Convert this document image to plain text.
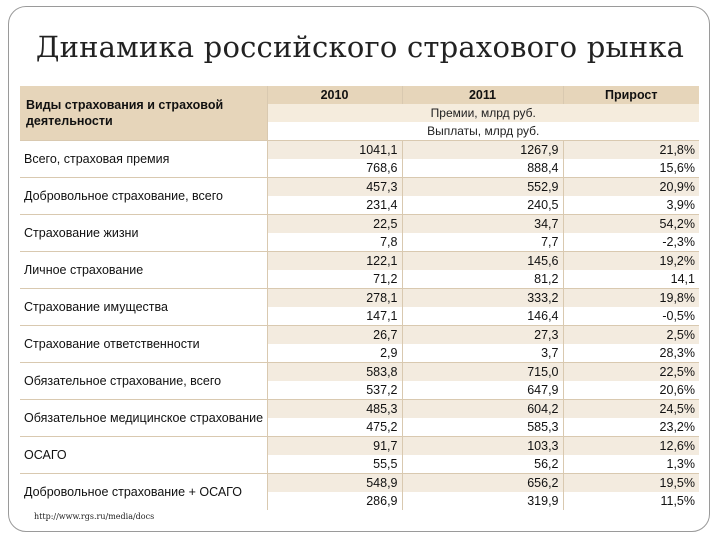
Динамика российского страхового рынка
Виды страхования и страховой деятельности	2010	2011	Прирост
	Премии, млрд руб.		
	Выплаты, млрд руб.		
Всего, страховая премия	1041,1	1267,9	21,8%
	768,6	888,4	15,6%
Добровольное страхование, всего	457,3	552,9	20,9%
	231,4	240,5	3,9%
Страхование жизни	22,5	34,7	54,2%
	7,8	7,7	-2,3%
Личное страхование	122,1	145,6	19,2%
	71,2	81,2	14,1
Страхование имущества	278,1	333,2	19,8%
	147,1	146,4	-0,5%
Страхование ответственности	26,7	27,3	2,5%
	2,9	3,7	28,3%
Обязательное страхование, всего	583,8	715,0	22,5%
	537,2	647,9	20,6%
Обязательное медицинское страхование	485,3	604,2	24,5%
	475,2	585,3	23,2%
ОСАГО	91,7	103,3	12,6%
	55,5	56,2	1,3%
Добровольное страхование + ОСАГО	548,9	656,2	19,5%
	286,9	319,9	11,5%
http://www.rgs.ru/media/docs
